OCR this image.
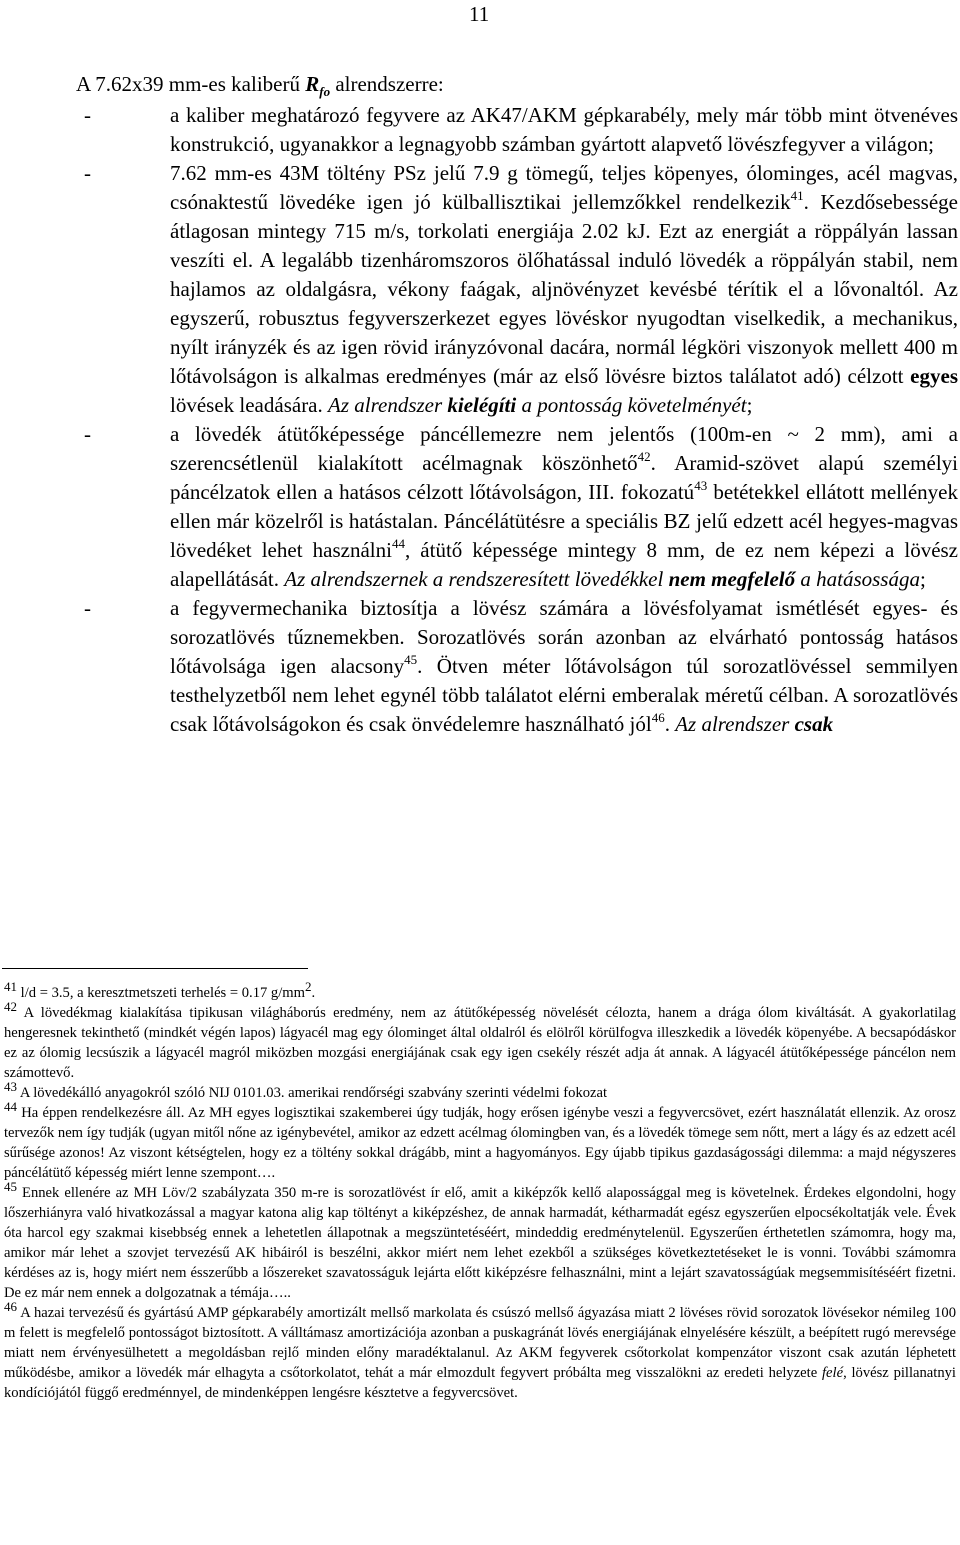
11
A 7.62x39 mm-es kaliberű $R_{fo}$ alrendszerre:
-	a kaliber meghatározó fegyvere az AK47/AKM gépkarabély, mely már több mint ötvenéves konstrukció, ugyanakkor a legnagyobb számban gyártott alapvető lövészfegyver a világon;
-	7.62 mm-es 43M töltény PSz jelű 7.9 g tömegű, teljes köpenyes, ólominges, acél magvas, csónaktestű lövedéke igen jó külballisztikai jellemzőkkel rendelkezik$^{41}$. Kezdősebessége átlagosan mintegy 715 m/s, torkolati energiája 2.02 kJ. Ezt az energiát a röppályán lassan veszíti el. A legalább tizenháromszoros ölőhatással induló lövedék a röppályán stabil, nem hajlamos az oldalgásra, vékony faágak, aljnövényzet kevésbé térítik el a lővonaltól. Az egyszerű, robusztus fegyverszerkezet egyes lövéskor nyugodtan viselkedik, a mechanikus, nyílt irányzék és az igen rövid irányzóvonal dacára, normál légköri viszonyok mellett 400 m lőtávolságon is alkalmas eredményes (már az első lövésre biztos találatot adó) célzott egyes lövések leadására. Az alrendszer kielégíti a pontosság követelményét;
-	a lövedék átütőképessége páncéllemezre nem jelentős (100m-en ~ 2 mm), ami a szerencsétlenül kialakított acélmagnak köszönhető$^{42}$. Aramid-szövet alapú személyi páncélzatok ellen a hatásos célzott lőtávolságon, III. fokozatú$^{43}$ betétekkel ellátott mellények ellen már közelről is hatástalan. Páncélátütésre a speciális BZ jelű edzett acél hegyes-magvas lövedéket lehet használni$^{44}$, átütő képessége mintegy 8 mm, de ez nem képezi a lövész alapellátását. Az alrendszernek a rendszeresített lövedékkel nem megfelelő a hatásossága;
-	a fegyvermechanika biztosítja a lövész számára a lövésfolyamat ismétlését egyes- és sorozatlövés tűznemekben. Sorozatlövés során azonban az elvárható pontosság hatásos lőtávolsága igen alacsony$^{45}$. Ötven méter lőtávolságon túl sorozatlövéssel semmilyen testhelyzetből nem lehet egynél több találatot elérni emberalak méretű célban. A sorozatlövés csak lőtávolságokon és csak önvédelemre használható jól$^{46}$. Az alrendszer csak

41 l/d = 3.5, a keresztmetszeti terhelés = 0.17 $g/mm^2$.

42 A lövedékmag kialakítása tipikusan világháborús eredmény, nem az átütőképesség növelését célozta, hanem a drága ólom kiváltását. A gyakorlatilag hengeresnek tekinthető (mindkét végén lapos) lágyacél mag egy ólominget által oldalról és elölről körülfogva illeszkedik a lövedék köpenyébe. A becsapódáskor ez az ólomig lecsúszik a lágyacél magról miközben mozgási energiájának csak egy igen csekély részét adja át annak. A lágyacél átütőképessége páncélon nem számottevő.

43 A lövedékálló anyagokról szóló NIJ 0101.03. amerikai rendőrségi szabvány szerinti védelmi fokozat

44 Ha éppen rendelkezésre áll. Az MH egyes logisztikai szakemberei úgy tudják, hogy erősen igénybe veszi a fegyvercsövet, ezért használatát ellenzik. Az orosz tervezők nem így tudják (ugyan mitől nőne az igénybevétel, amikor az edzett acélmag ólomingben van, és a lövedék tömege sem nőtt, mert a lágy és az edzett acél sűrűsége azonos! Az viszont kétségtelen, hogy ez a töltény sokkal drágább, mint a hagyományos. Egy újabb tipikus gazdaságossági dilemma: a majd négyszeres páncélátütő képesség miért lenne szempont….

45 Ennek ellenére az MH Löv/2 szabályzata 350 m-re is sorozatlövést ír elő, amit a kiképzők kellő alapossággal meg is követelnek. Érdekes elgondolni, hogy lőszerhiányra való hivatkozással a magyar katona alig kap töltényt a kiképzéshez, de annak harmadát, kétharmadát egész egyszerűen elpocsékoltatják vele. Évek óta harcol egy szakmai kisebbség ennek a lehetetlen állapotnak a megszüntetéséért, mindeddig eredménytelenül. Egyszerűen érthetetlen számomra, hogy ma, amikor már lehet a szovjet tervezésű AK hibáiról is beszélni, akkor miért nem lehet ezekből a szükséges következtetéseket le is vonni. További számomra kérdéses az is, hogy miért nem ésszerűbb a lőszereket szavatosságuk lejárta előtt kiképzésre felhasználni, mint a lejárt szavatosságúak megsemmisítéséért fizetni. De ez már nem ennek a dolgozatnak a témája…..

46 A hazai tervezésű és gyártású AMP gépkarabély amortizált mellső markolata és csúszó mellső ágyazása miatt 2 lövéses rövid sorozatok lövésekor némileg 100 m felett is megfelelő pontosságot biztosított. A válltámasz amortizációja azonban a puskagránát lövés energiájának elnyelésére készült, a beépített rugó merevsége miatt nem érvényesülhetett a megoldásban rejlő minden előny maradéktalanul. Az AKM fegyverek csőtorkolat kompenzátor viszont csak azután léphetett működésbe, amikor a lövedék már elhagyta a csőtorkolatot, tehát a már elmozdult fegyvert próbálta meg visszalökni az eredeti helyzete felé, lövész pillanatnyi kondíciójától függő eredménnyel, de mindenképpen lengésre késztetve a fegyvercsövet.
